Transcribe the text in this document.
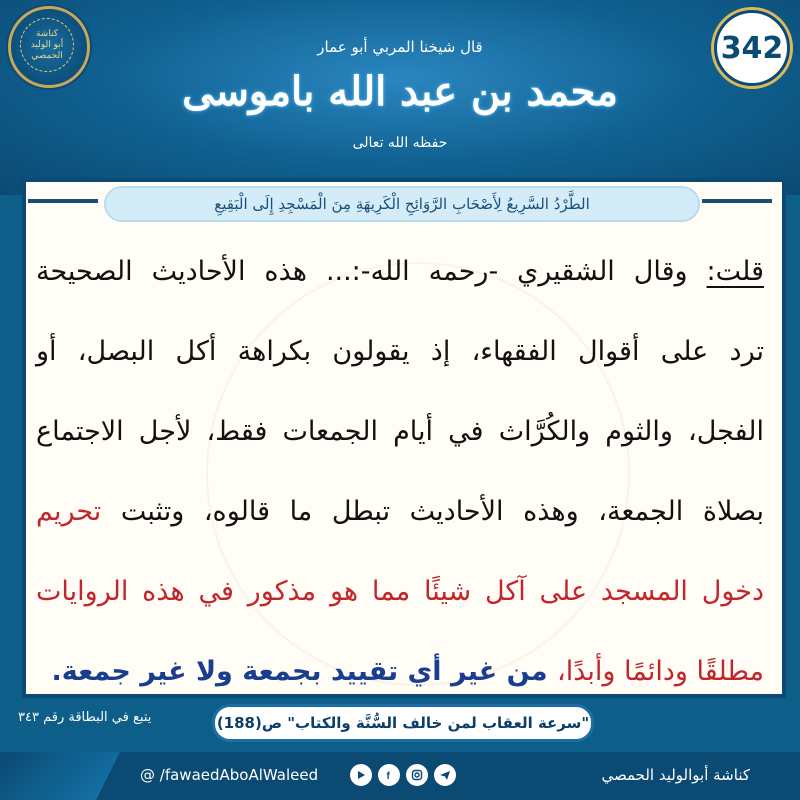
كناشة
أبو الوليد
الحمصي	342
قال شيخنا المربي أبو عمار
محمد بن عبد الله باموسى
حفظه الله تعالى
الطَّرْدُ السَّرِيعُ لِأَصْحَابِ الرَّوَائِحِ الْكَرِيهَةِ مِنَ الْمَسْجِدِ إِلَى الْبَقِيعِ
قلت: وقال الشقيري -رحمه الله-:... هذه الأحاديث الصحيحة
ترد على أقوال الفقهاء، إذ يقولون بكراهة أكل البصل، أو
الفجل، والثوم والكُرَّاث في أيام الجمعات فقط، لأجل الاجتماع
بصلاة الجمعة، وهذه الأحاديث تبطل ما قالوه، وتثبت تحريم
دخول المسجد على آكل شيئًا مما هو مذكور في هذه الروايات
مطلقًا ودائمًا وأبدًا، من غير أي تقييد بجمعة ولا غير جمعة.
"سرعة العقاب لمن خالف السُّنَّة والكتاب" ص(188)
يتبع في البطاقة رقم ٣٤٣
@ /fawaedAboAlWaleed	f	كناشة أبوالوليد الحمصي
